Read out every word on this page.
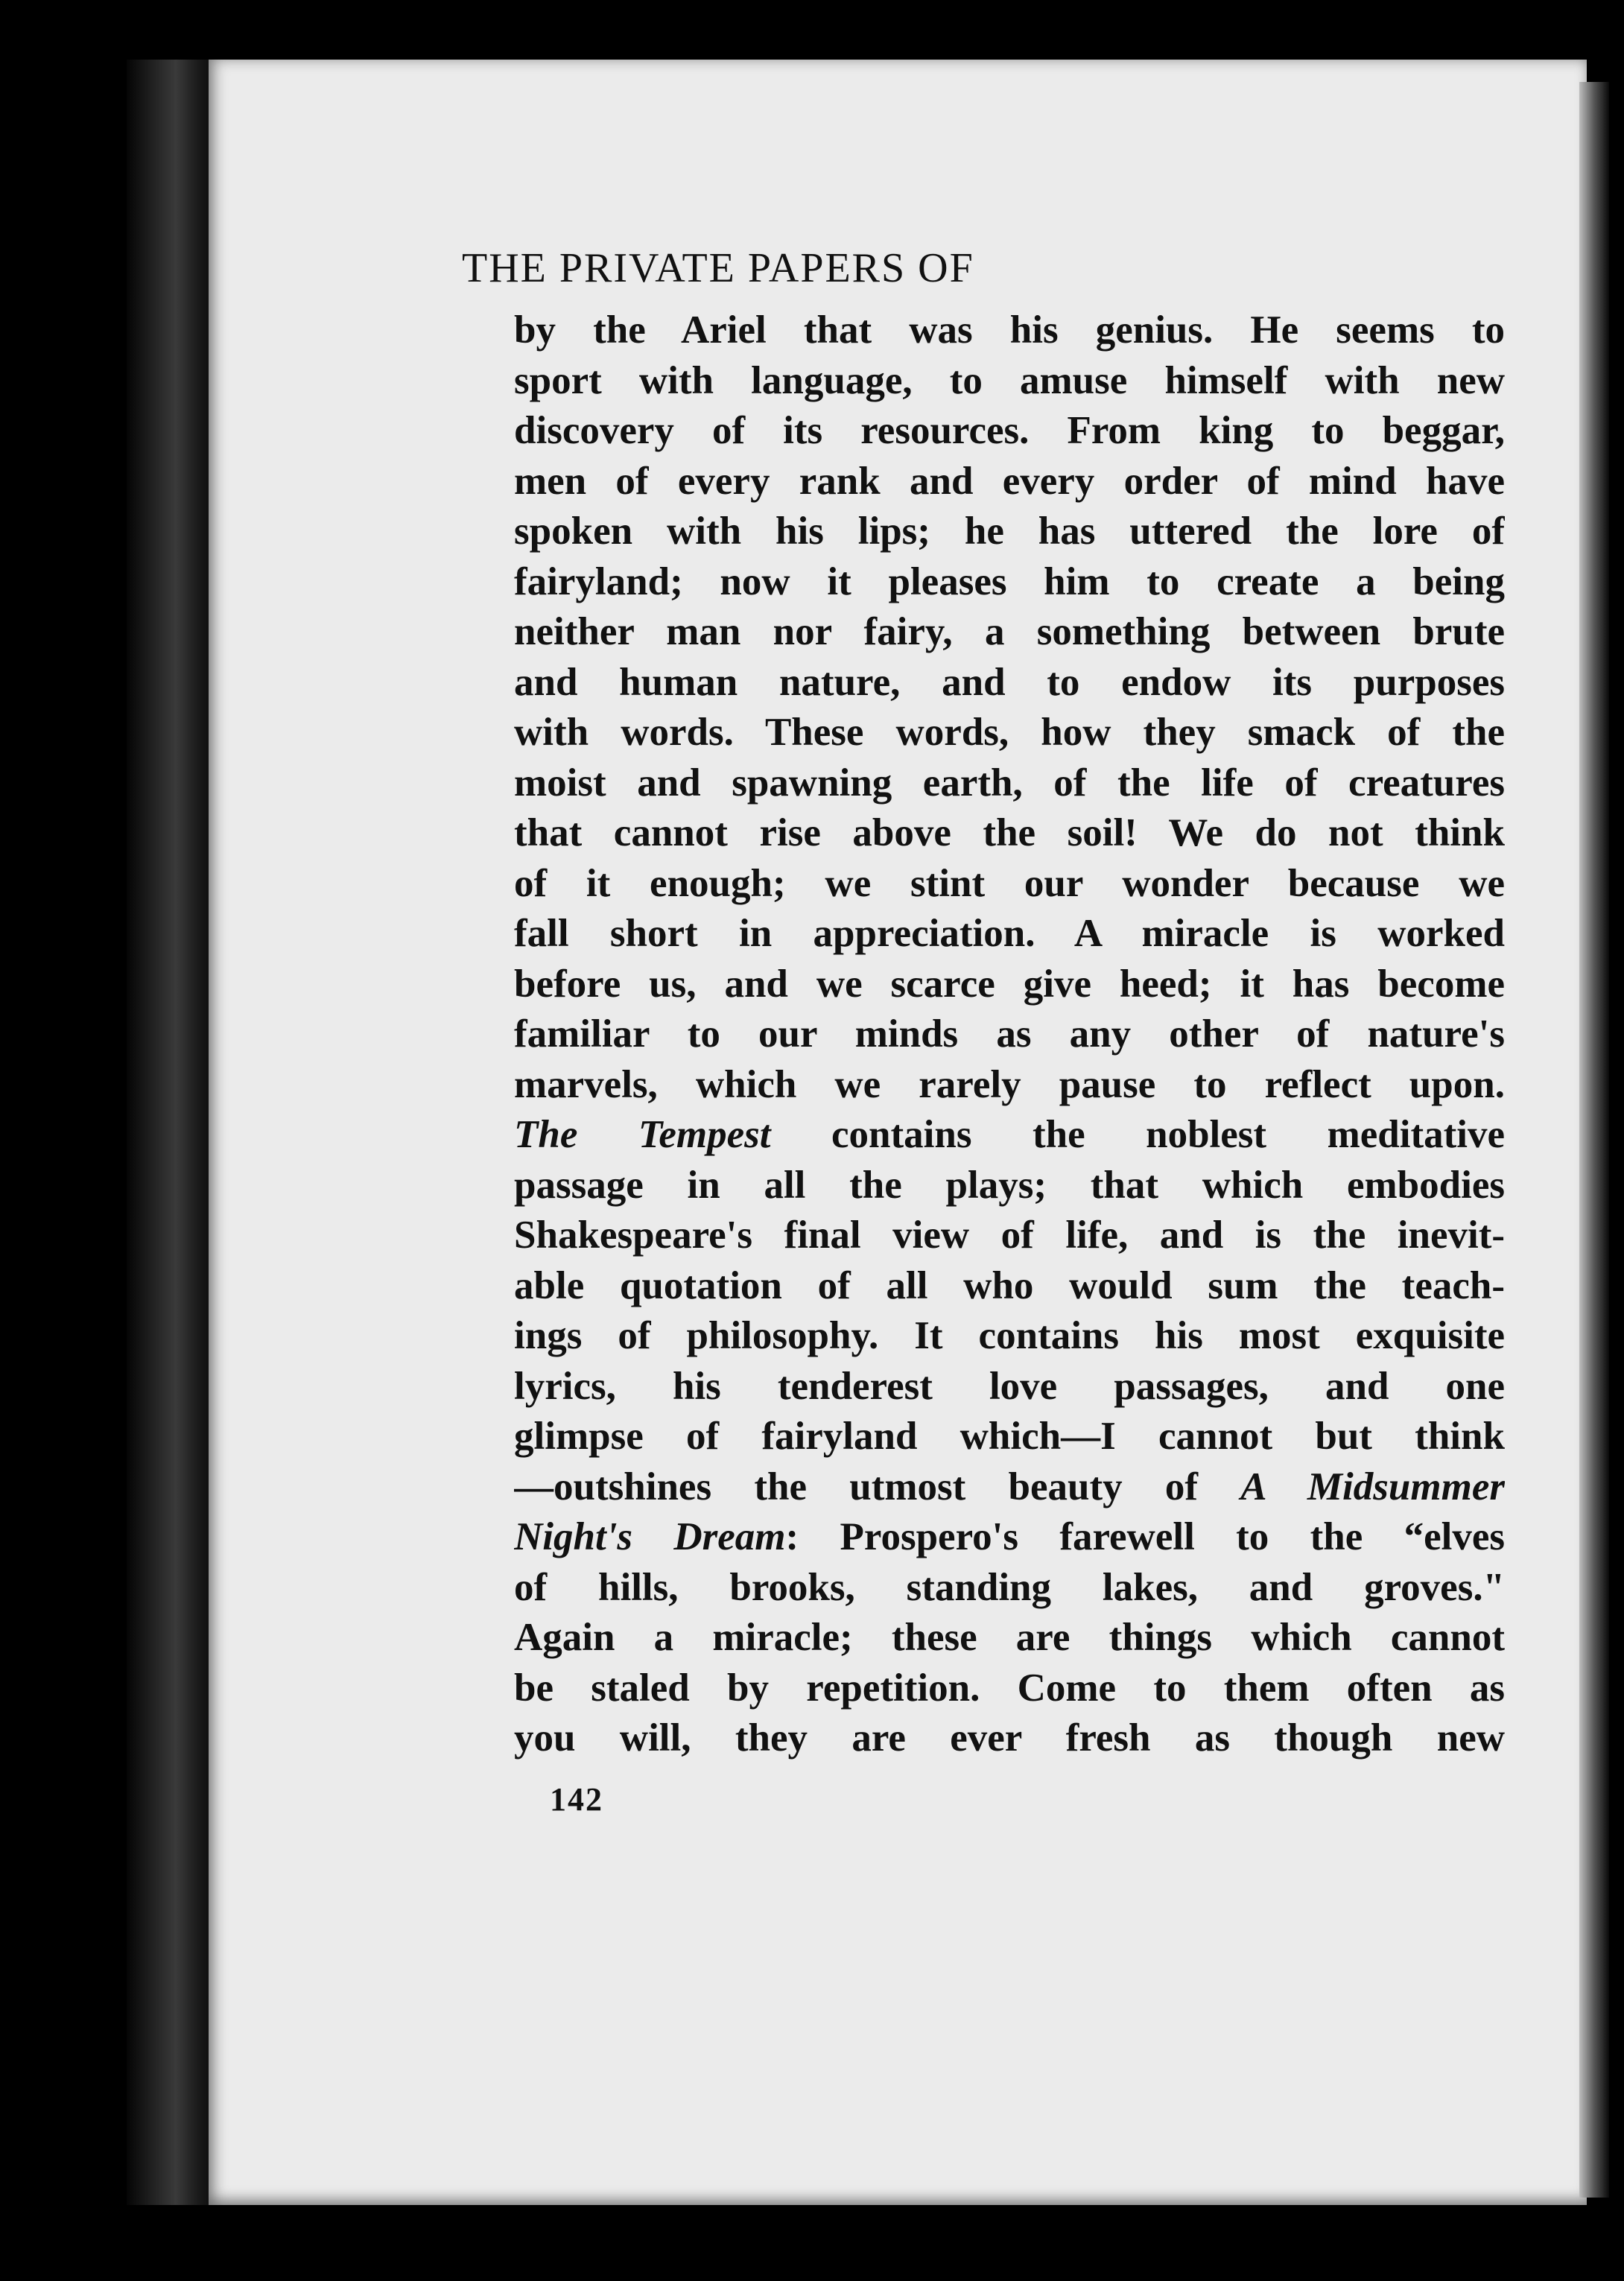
THE PRIVATE PAPERS OF
by the Ariel that was his genius. He seems to
sport with language, to amuse himself with new
discovery of its resources. From king to beggar,
men of every rank and every order of mind have
spoken with his lips; he has uttered the lore of
fairyland; now it pleases him to create a being
neither man nor fairy, a something between brute
and human nature, and to endow its purposes
with words. These words, how they smack of the
moist and spawning earth, of the life of creatures
that cannot rise above the soil! We do not think
of it enough; we stint our wonder because we
fall short in appreciation. A miracle is worked
before us, and we scarce give heed; it has become
familiar to our minds as any other of nature's
marvels, which we rarely pause to reflect upon.
The Tempest contains the noblest meditative
passage in all the plays; that which embodies
Shakespeare's final view of life, and is the inevit-
able quotation of all who would sum the teach-
ings of philosophy. It contains his most exquisite
lyrics, his tenderest love passages, and one
glimpse of fairyland which—I cannot but think
—outshines the utmost beauty of A Midsummer
Night's Dream: Prospero's farewell to the “elves
of hills, brooks, standing lakes, and groves."
Again a miracle; these are things which cannot
be staled by repetition. Come to them often as
you will, they are ever fresh as though new
142
